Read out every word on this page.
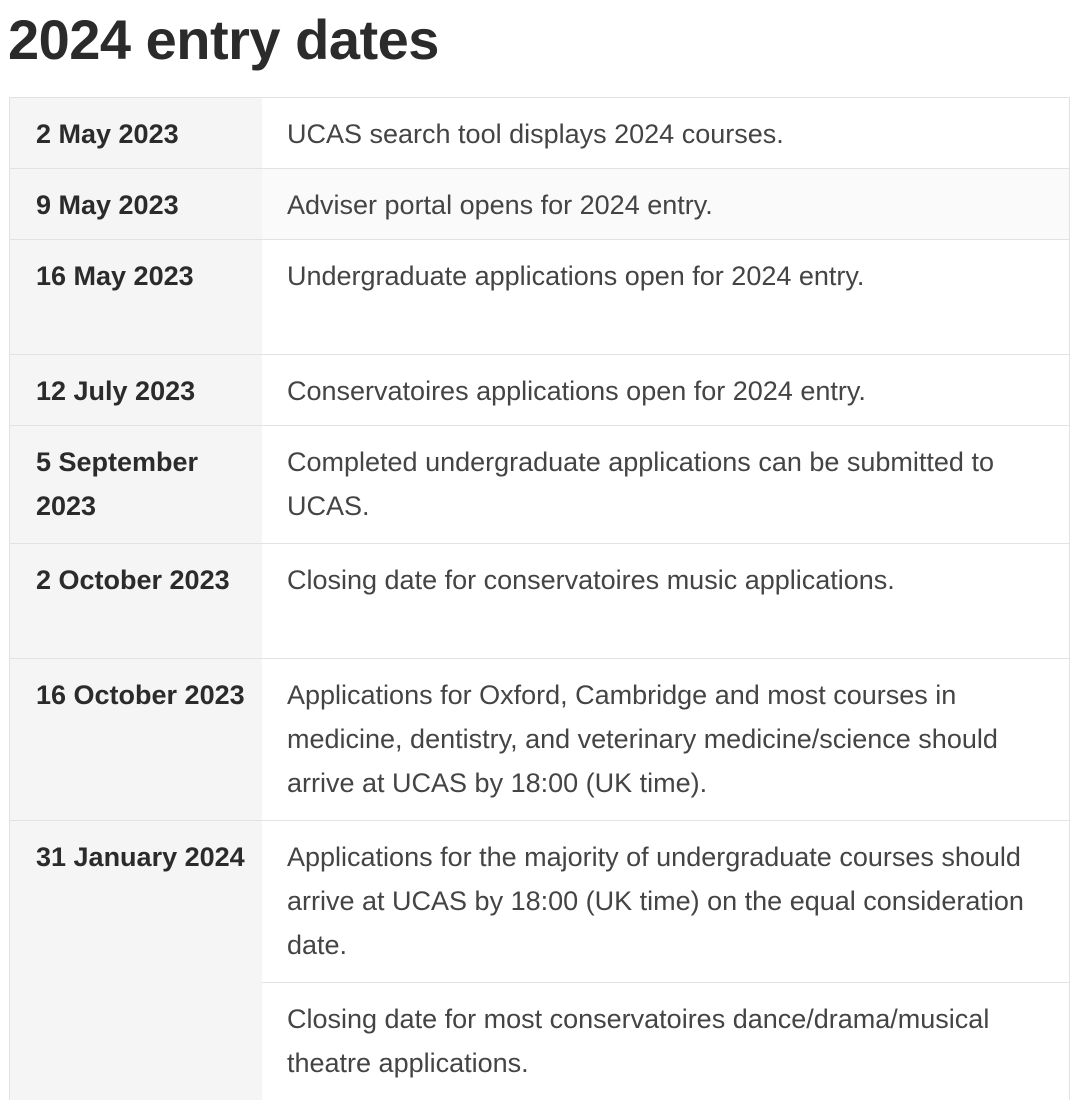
2024 entry dates
2 May 2023	UCAS search tool displays 2024 courses.
9 May 2023	Adviser portal opens for 2024 entry.
16 May 2023	Undergraduate applications open for 2024 entry.
12 July 2023	Conservatoires applications open for 2024 entry.
5 September 2023	Completed undergraduate applications can be submitted to UCAS.
2 October 2023	Closing date for conservatoires music applications.
16 October 2023	Applications for Oxford, Cambridge and most courses in medicine, dentistry, and veterinary medicine/science should arrive at UCAS by 18:00 (UK time).
31 January 2024	Applications for the majority of undergraduate courses should arrive at UCAS by 18:00 (UK time) on the equal consideration date.
	Closing date for most conservatoires dance/drama/musical theatre applications.
